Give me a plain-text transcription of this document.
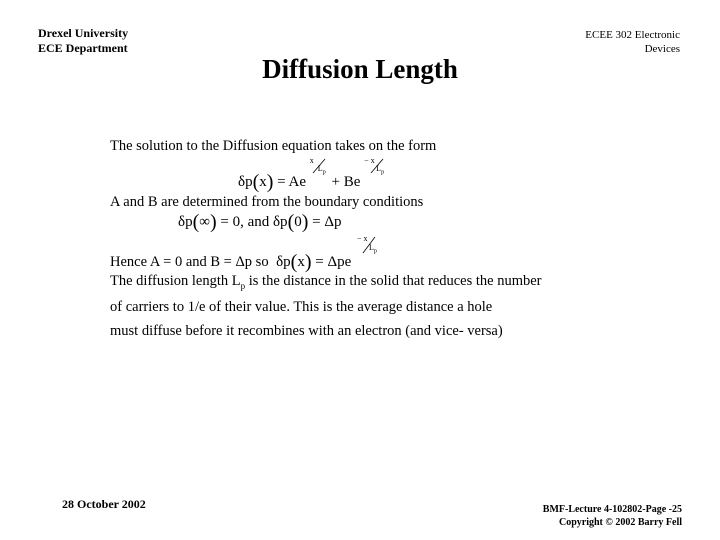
Drexel University
ECE Department
ECEE 302 Electronic
Devices
Diffusion Length
The solution to the Diffusion equation takes on the form
δp(x) = Ae
x
$L_p$
+ Be
− x
$L_p$
A and B are determined from the boundary conditions
δp(∞) = 0, and δp(0) = Δp
Hence A = 0 and B = Δp so δp(x) = Δpe
− x
$L_p$
The diffusion length $L_p$ is the distance in the solid that reduces the number
of carriers to 1/e of their value. This is the average distance a hole
must diffuse before it recombines with an electron (and vice- versa)
28 October 2002	BMF-Lecture 4-102802-Page -25
Copyright © 2002 Barry Fell
